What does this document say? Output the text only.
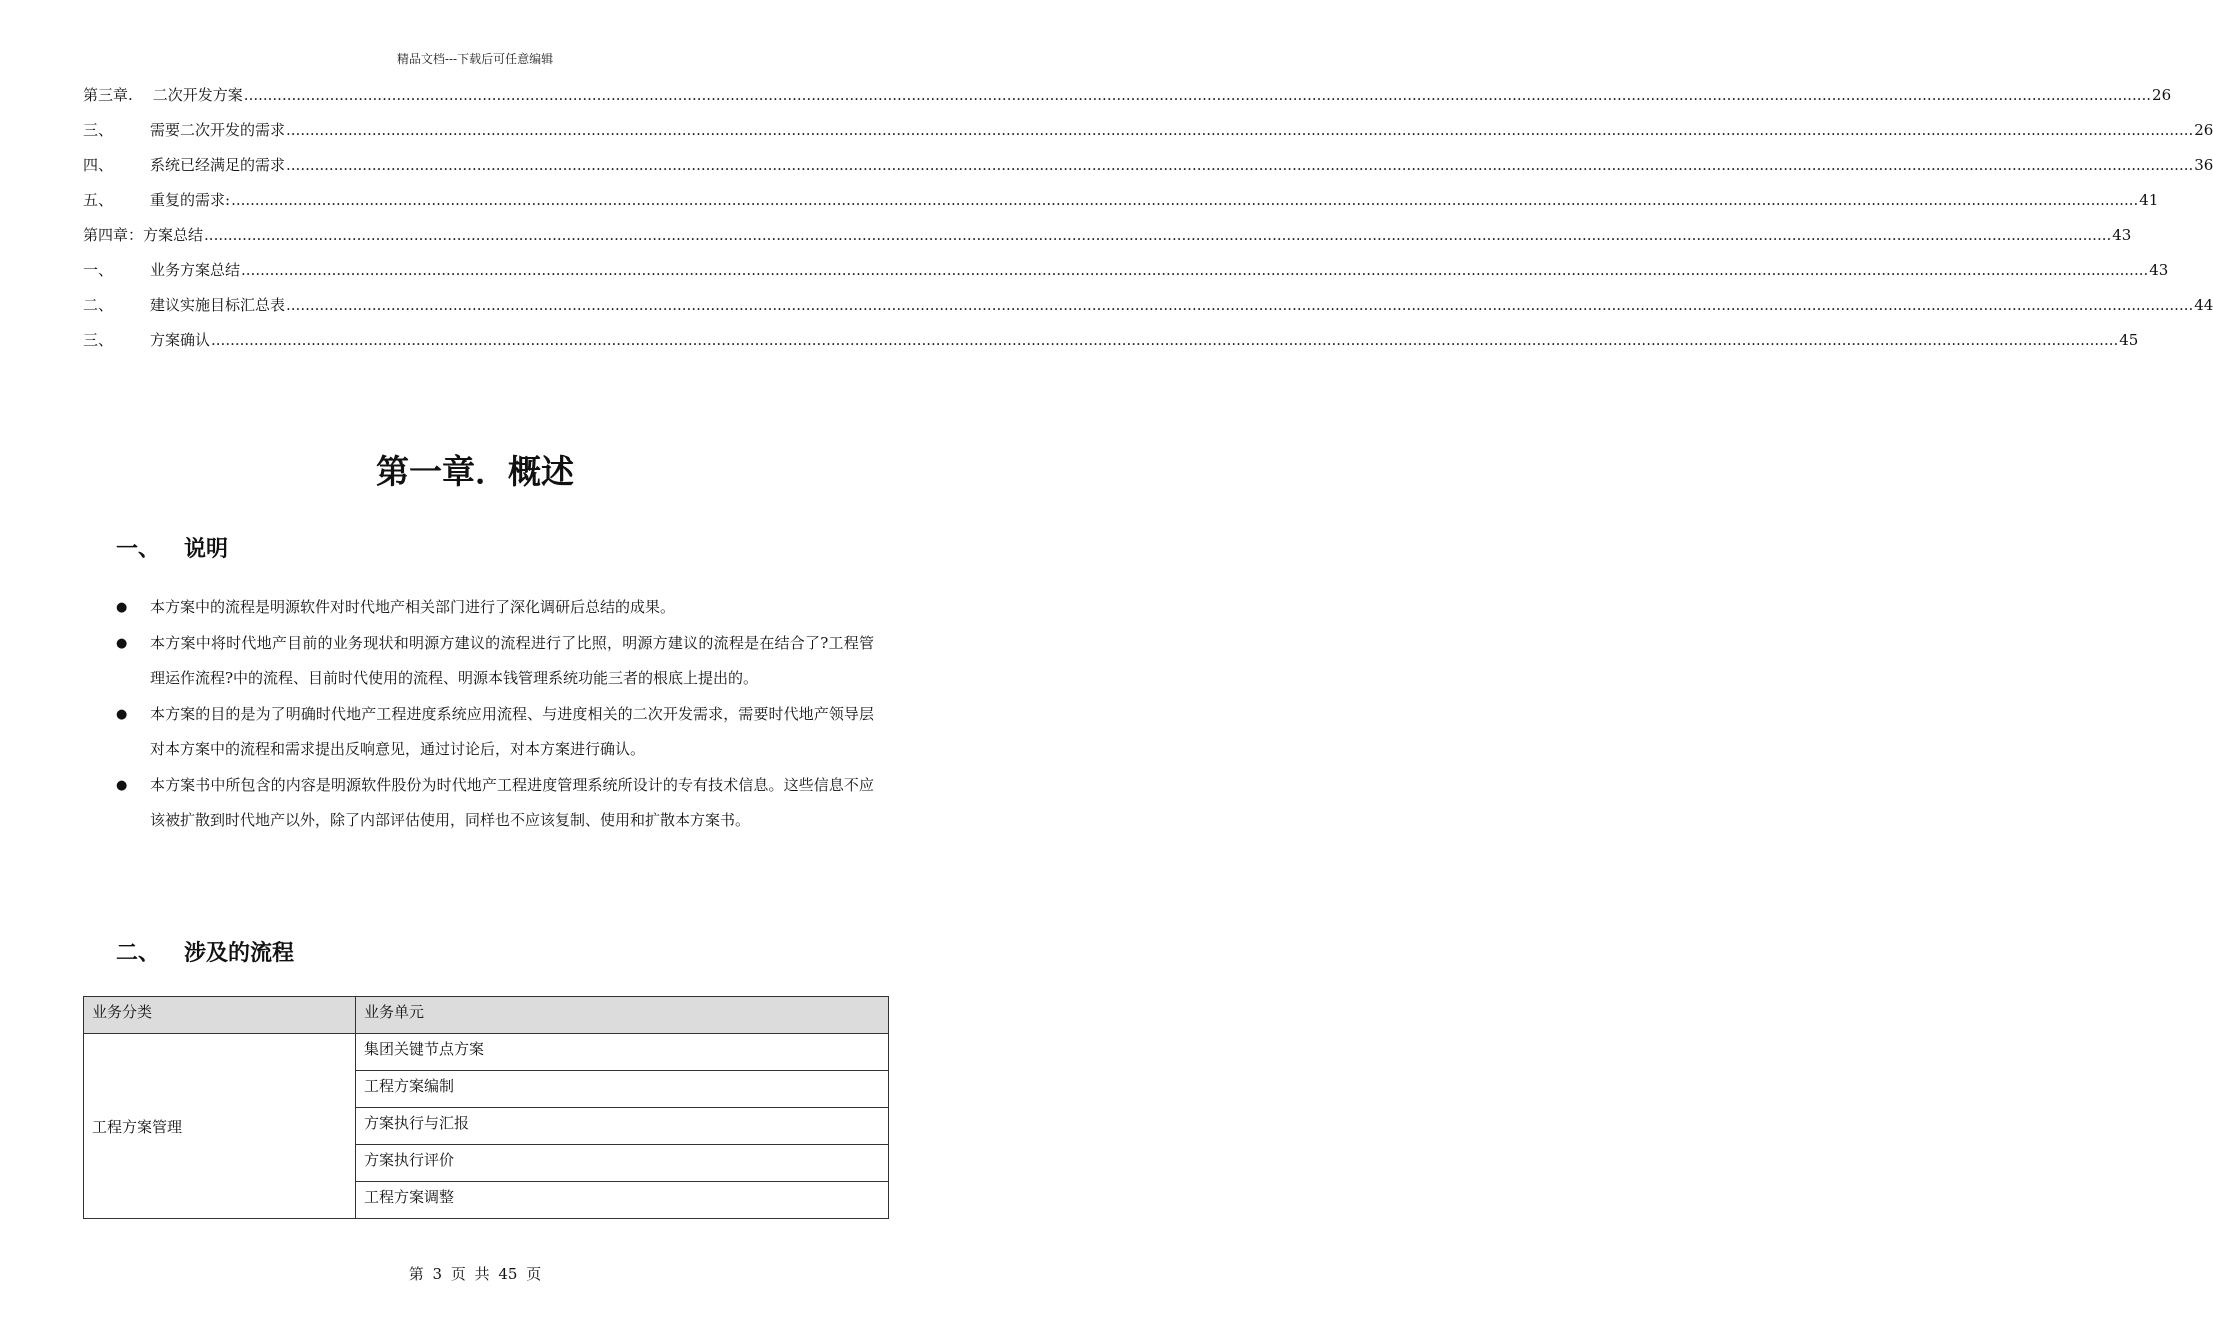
精品文档---下载后可任意编辑
第三章.	二次开发方案 ................................................................................................................................................................................................................................................................................................................................................................................................................ 26
三、	需要二次开发的需求 ................................................................................................................................................................................................................................................................................................................................................................................................................ 26
四、	系统已经满足的需求 ................................................................................................................................................................................................................................................................................................................................................................................................................ 36
五、	重复的需求: ................................................................................................................................................................................................................................................................................................................................................................................................................ 41
第四章： 方案总结 ................................................................................................................................................................................................................................................................................................................................................................................................................ 43
一、	业务方案总结 ................................................................................................................................................................................................................................................................................................................................................................................................................ 43
二、	建议实施目标汇总表 ................................................................................................................................................................................................................................................................................................................................................................................................................ 44
三、	方案确认 ................................................................................................................................................................................................................................................................................................................................................................................................................ 45
第一章．概述
一、	说明
●	本方案中的流程是明源软件对时代地产相关部门进行了深化调研后总结的成果。
●	本方案中将时代地产目前的业务现状和明源方建议的流程进行了比照，明源方建议的流程是在结合了?工程管理运作流程?中的流程、目前时代使用的流程、明源本钱管理系统功能三者的根底上提出的。
●	本方案的目的是为了明确时代地产工程进度系统应用流程、与进度相关的二次开发需求，需要时代地产领导层对本方案中的流程和需求提出反响意见，通过讨论后，对本方案进行确认。
●	本方案书中所包含的内容是明源软件股份为时代地产工程进度管理系统所设计的专有技术信息。这些信息不应该被扩散到时代地产以外，除了内部评估使用，同样也不应该复制、使用和扩散本方案书。
二、	涉及的流程
业务分类	业务单元
工程方案管理	集团关键节点方案
	工程方案编制
	方案执行与汇报
	方案执行评价
	工程方案调整
第 3 页 共 45 页
